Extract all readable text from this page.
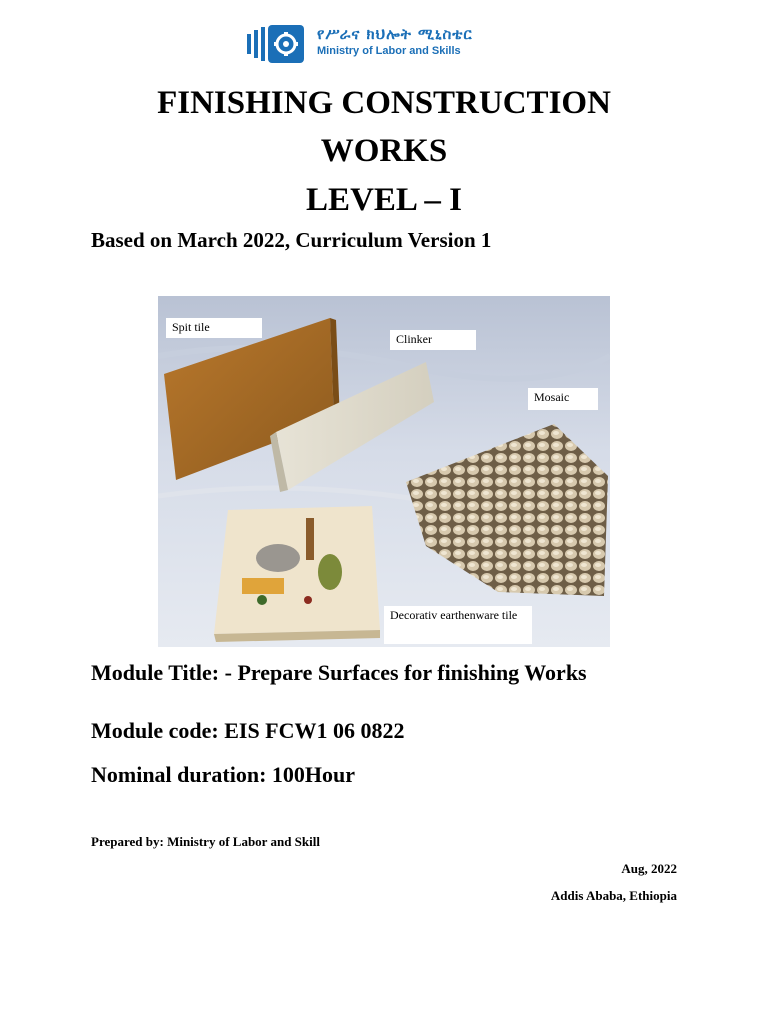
የሥራና ክህሎት ሚኒስቴር
Ministry of Labor and Skills
FINISHING CONSTRUCTION
WORKS
LEVEL – I
Based on March 2022, Curriculum Version 1
Spit tile
Clinker
Mosaic
Decorativ earthenware tile
Module Title: - Prepare Surfaces for finishing Works
Module code: EIS FCW1 06 0822
Nominal duration: 100Hour
Prepared by: Ministry of Labor and Skill
Aug, 2022
Addis Ababa, Ethiopia
